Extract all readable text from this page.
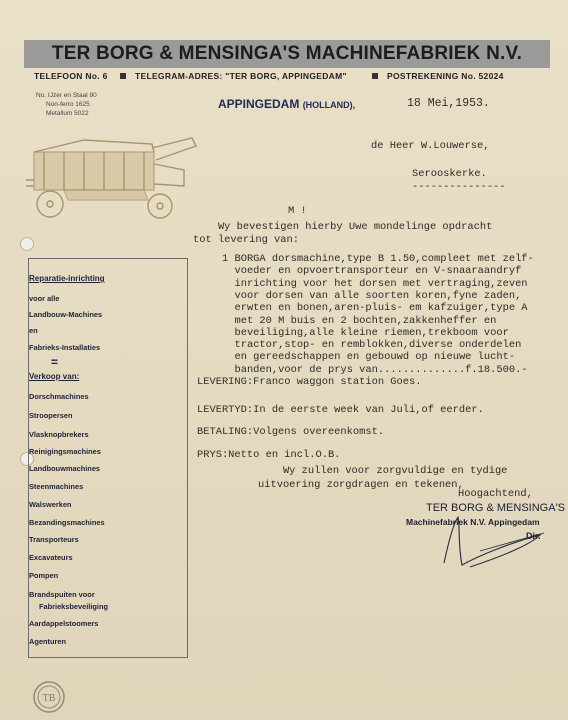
TER BORG & MENSINGA'S MACHINEFABRIEK N.V.
TELEFOON No. 6	TELEGRAM-ADRES: "TER BORG, APPINGEDAM"	POSTREKENING No. 52024
No. IJzer en Staal 90
Non-ferro 1625
Metallum 5022
APPINGEDAM (HOLLAND),	18 Mei,1953.
Reparatie-inrichting
voor alle
Landbouw-Machines
en
Fabrieks-Installaties
=
Verkoop van:
Dorschmachines
Stroopersen
Vlasknopbrekers
Reinigingsmachines
Landbouwmachines
Steenmachines
Walswerken
Bezandingsmachines
Transporteurs
Excavateurs
Pompen
Brandspuiten voor
Fabrieksbeveiliging
Aardappelstoomers
Agenturen
TB
de Heer W.Louwerse,
Serooskerke.
---------------
M !
Wy bevestigen hierby Uwe mondelinge opdracht
tot levering van:
1 BORGA dorsmachine,type B 1.50,compleet met zelf-
voeder en opvoertransporteur en V-snaaraandryf
inrichting voor het dorsen met vertraging,zeven
voor dorsen van alle soorten koren,fyne zaden,
erwten en bonen,aren-pluis- em kafzuiger,type A
met 20 M buis en 2 bochten,zakkenheffer en
beveiliging,alle kleine riemen,trekboom voor
tractor,stop- en remblokken,diverse onderdelen
en gereedschappen en gebouwd op nieuwe lucht-
banden,voor de prys van..............f.18.500.-
LEVERING:Franco waggon station Goes.
LEVERTYD:In de eerste week van Juli,of eerder.
BETALING:Volgens overeenkomst.
PRYS:Netto en incl.O.B.
Wy zullen voor zorgvuldige en tydige
uitvoering zorgdragen en tekenen,
Hoogachtend,
TER BORG & MENSINGA'S
Machinefabriek N.V. Appingedam
Dir.
